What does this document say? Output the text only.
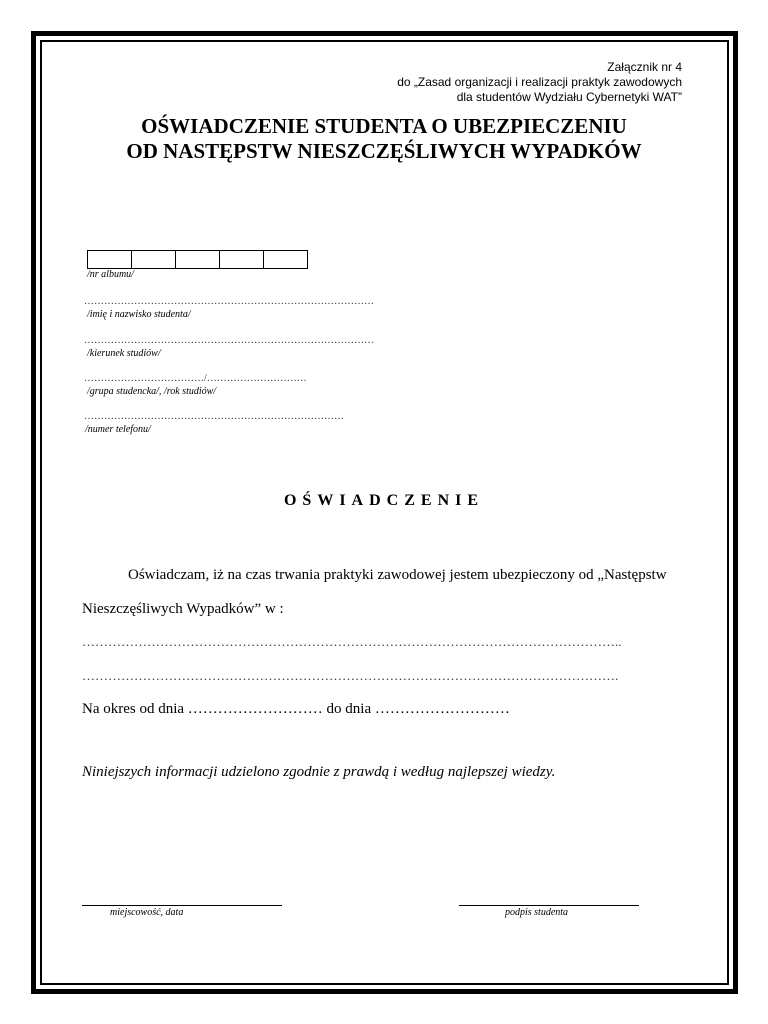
Załącznik nr 4
do „Zasad organizacji i realizacji praktyk zawodowych
dla studentów Wydziału Cybernetyki WAT”
OŚWIADCZENIE STUDENTA O UBEZPIECZENIU
OD NASTĘPSTW NIESZCZĘŚLIWYCH WYPADKÓW
/nr albumu/
……………………………………………………………………………
/imię i nazwisko studenta/
……………………………………………………………………………
/kierunek studiów/
………………………………/…………………………
/grupa studencka/, /rok studiów/
……………………………………………………………………
/numer telefonu/
OŚWIADCZENIE
Oświadczam, iż na czas trwania praktyki zawodowej jestem ubezpieczony od „Następstw
Nieszczęśliwych Wypadków” w :
……………………………………………………………………………………………………………..
…………………………………………………………………………………………………………….
Na okres od dnia ……………………… do dnia ………………………
Niniejszych informacji udzielono zgodnie z prawdą i według najlepszej wiedzy.
miejscowość, data	podpis studenta
